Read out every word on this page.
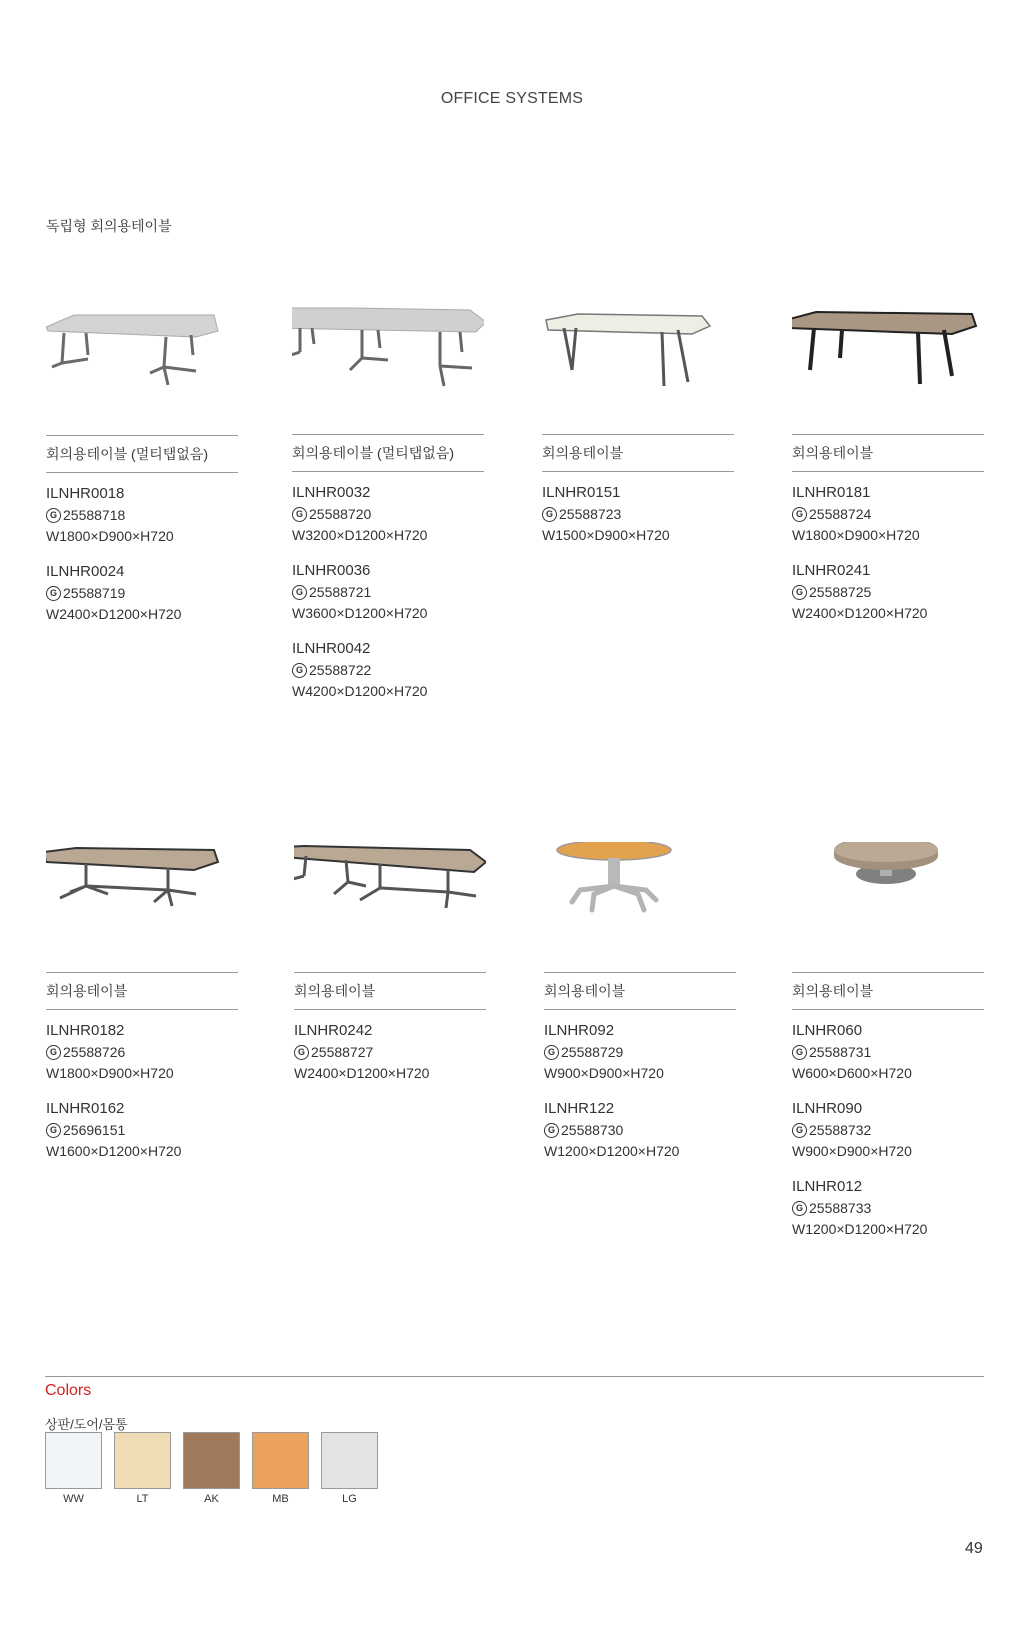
OFFICE SYSTEMS
독립형 회의용테이블
회의용테이블 (멀티탭없음)
ILNHR0018
G 25588718
W1800×D900×H720
ILNHR0024
G 25588719
W2400×D1200×H720
회의용테이블 (멀티탭없음)
ILNHR0032
G 25588720
W3200×D1200×H720
ILNHR0036
G 25588721
W3600×D1200×H720
ILNHR0042
G 25588722
W4200×D1200×H720
회의용테이블
ILNHR0151
G 25588723
W1500×D900×H720
회의용테이블
ILNHR0181
G 25588724
W1800×D900×H720
ILNHR0241
G 25588725
W2400×D1200×H720
회의용테이블
ILNHR0182
G 25588726
W1800×D900×H720
ILNHR0162
G 25696151
W1600×D1200×H720
회의용테이블
ILNHR0242
G 25588727
W2400×D1200×H720
회의용테이블
ILNHR092
G 25588729
W900×D900×H720
ILNHR122
G 25588730
W1200×D1200×H720
회의용테이블
ILNHR060
G 25588731
W600×D600×H720
ILNHR090
G 25588732
W900×D900×H720
ILNHR012
G 25588733
W1200×D1200×H720
Colors
상판/도어/몸통
WW	LT	AK	MB	LG
49
